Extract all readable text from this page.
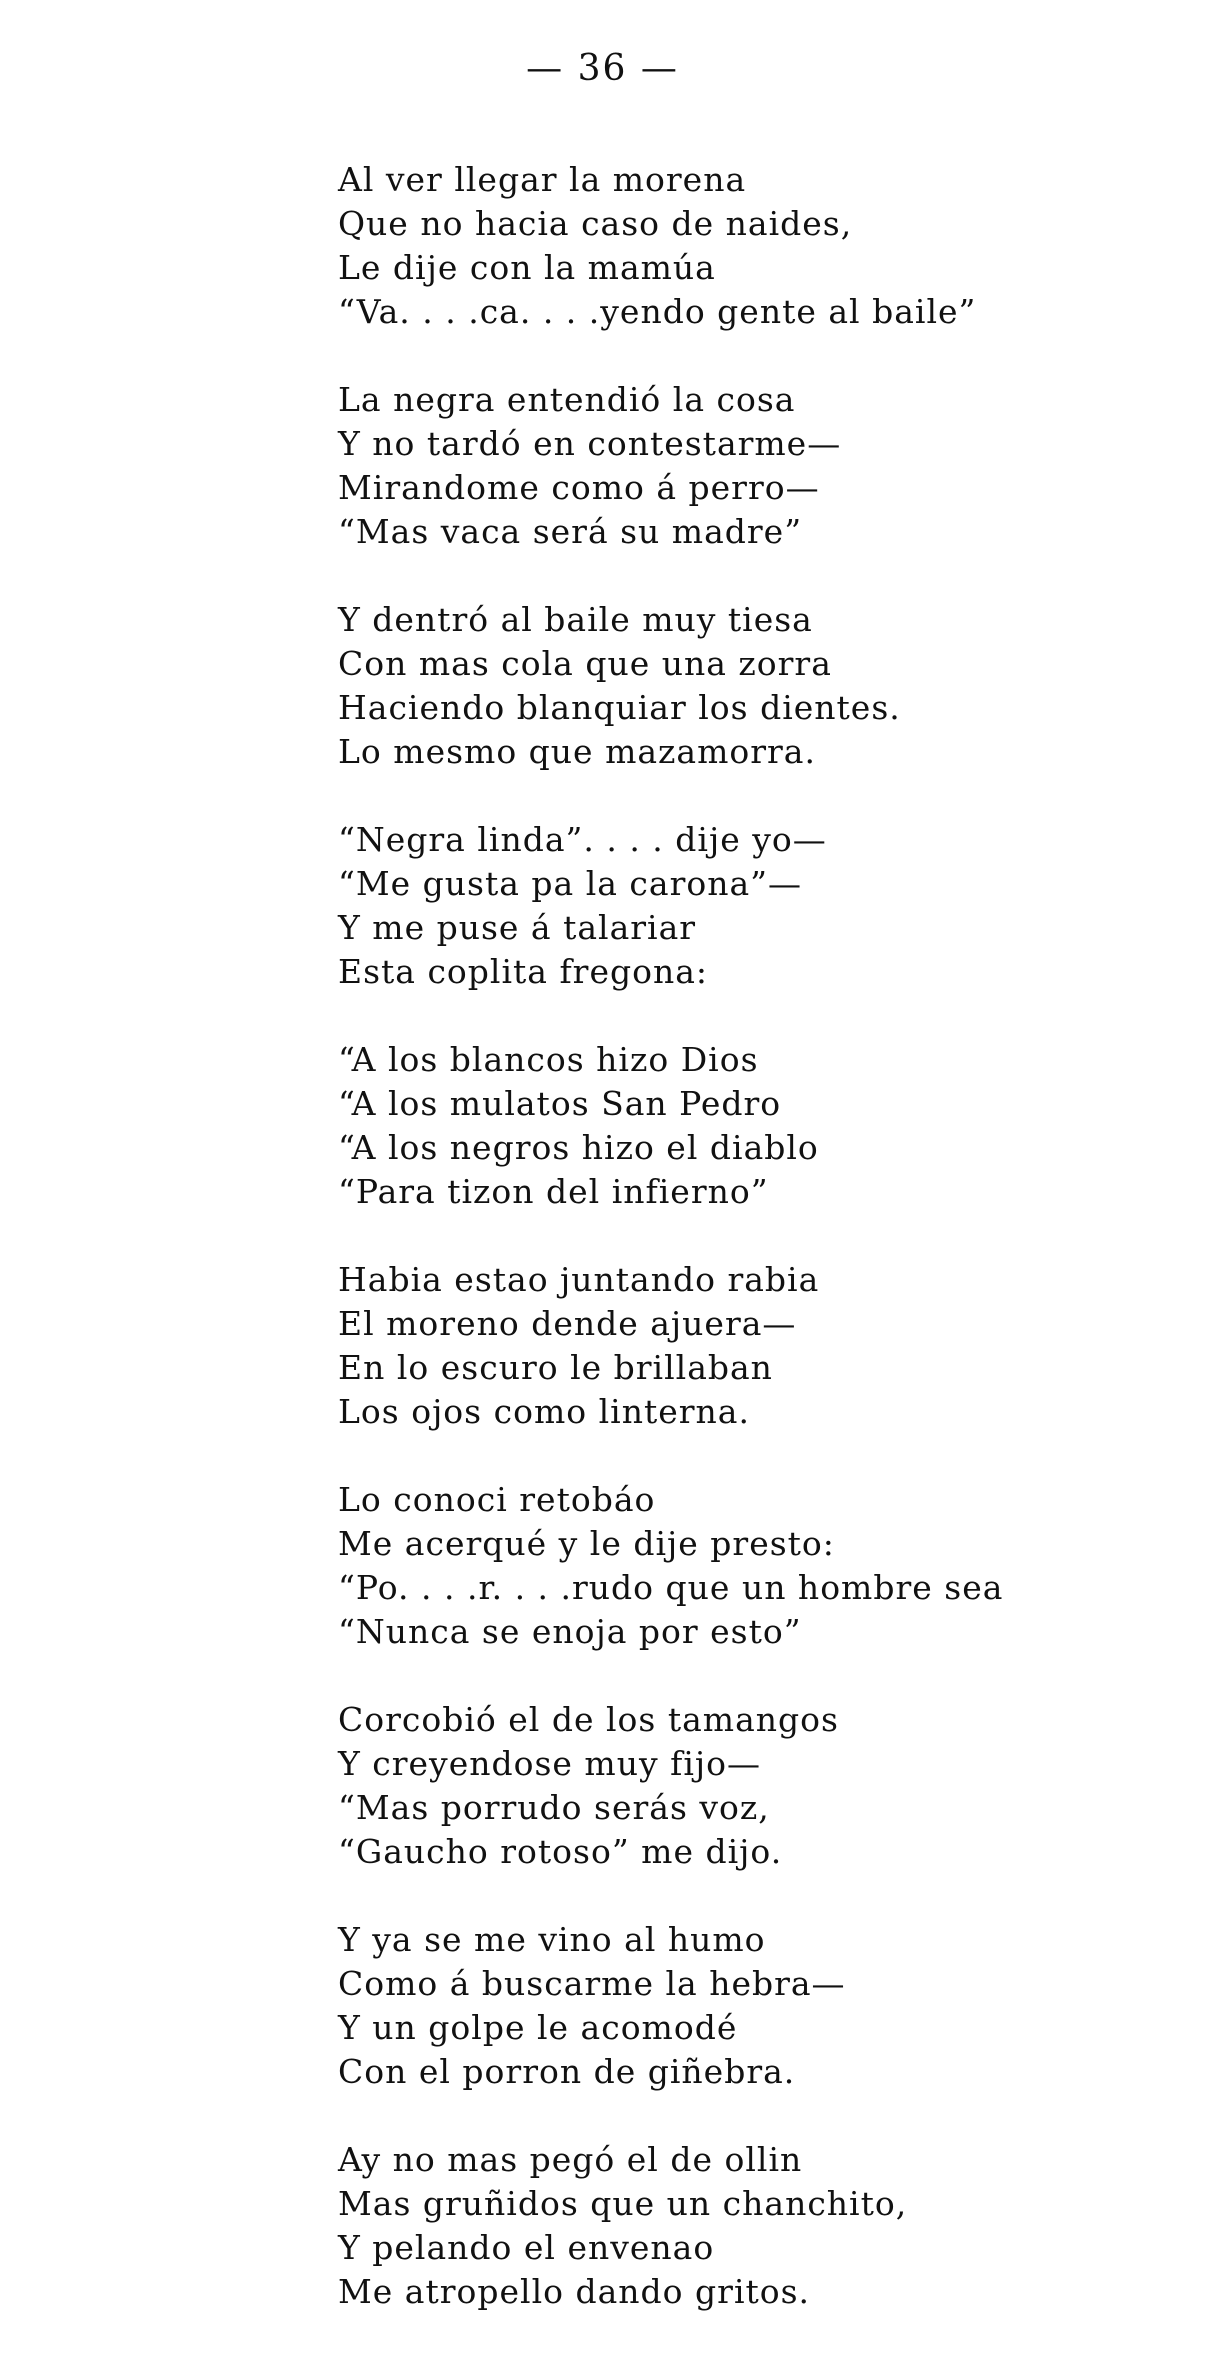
— 36 —
Al ver llegar la morena
Que no hacia caso de naides,
Le dije con la mamúa
“Va. . . .ca. . . .yendo gente al baile”
La negra entendió la cosa
Y no tardó en contestarme—
Mirandome como á perro—
“Mas vaca será su madre”
Y dentró al baile muy tiesa
Con mas cola que una zorra
Haciendo blanquiar los dientes.
Lo mesmo que mazamorra.
“Negra linda”. . . . dije yo—
“Me gusta pa la carona”—
Y me puse á talariar
Esta coplita fregona:
“A los blancos hizo Dios
“A los mulatos San Pedro
“A los negros hizo el diablo
“Para tizon del infierno”
Habia estao juntando rabia
El moreno dende ajuera—
En lo escuro le brillaban
Los ojos como linterna.
Lo conoci retobáo
Me acerqué y le dije presto:
“Po. . . .r. . . .rudo que un hombre sea
“Nunca se enoja por esto”
Corcobió el de los tamangos
Y creyendose muy fijo—
“Mas porrudo serás voz,
“Gaucho rotoso” me dijo.
Y ya se me vino al humo
Como á buscarme la hebra—
Y un golpe le acomodé
Con el porron de giñebra.
Ay no mas pegó el de ollin
Mas gruñidos que un chanchito,
Y pelando el envenao
Me atropello dando gritos.
